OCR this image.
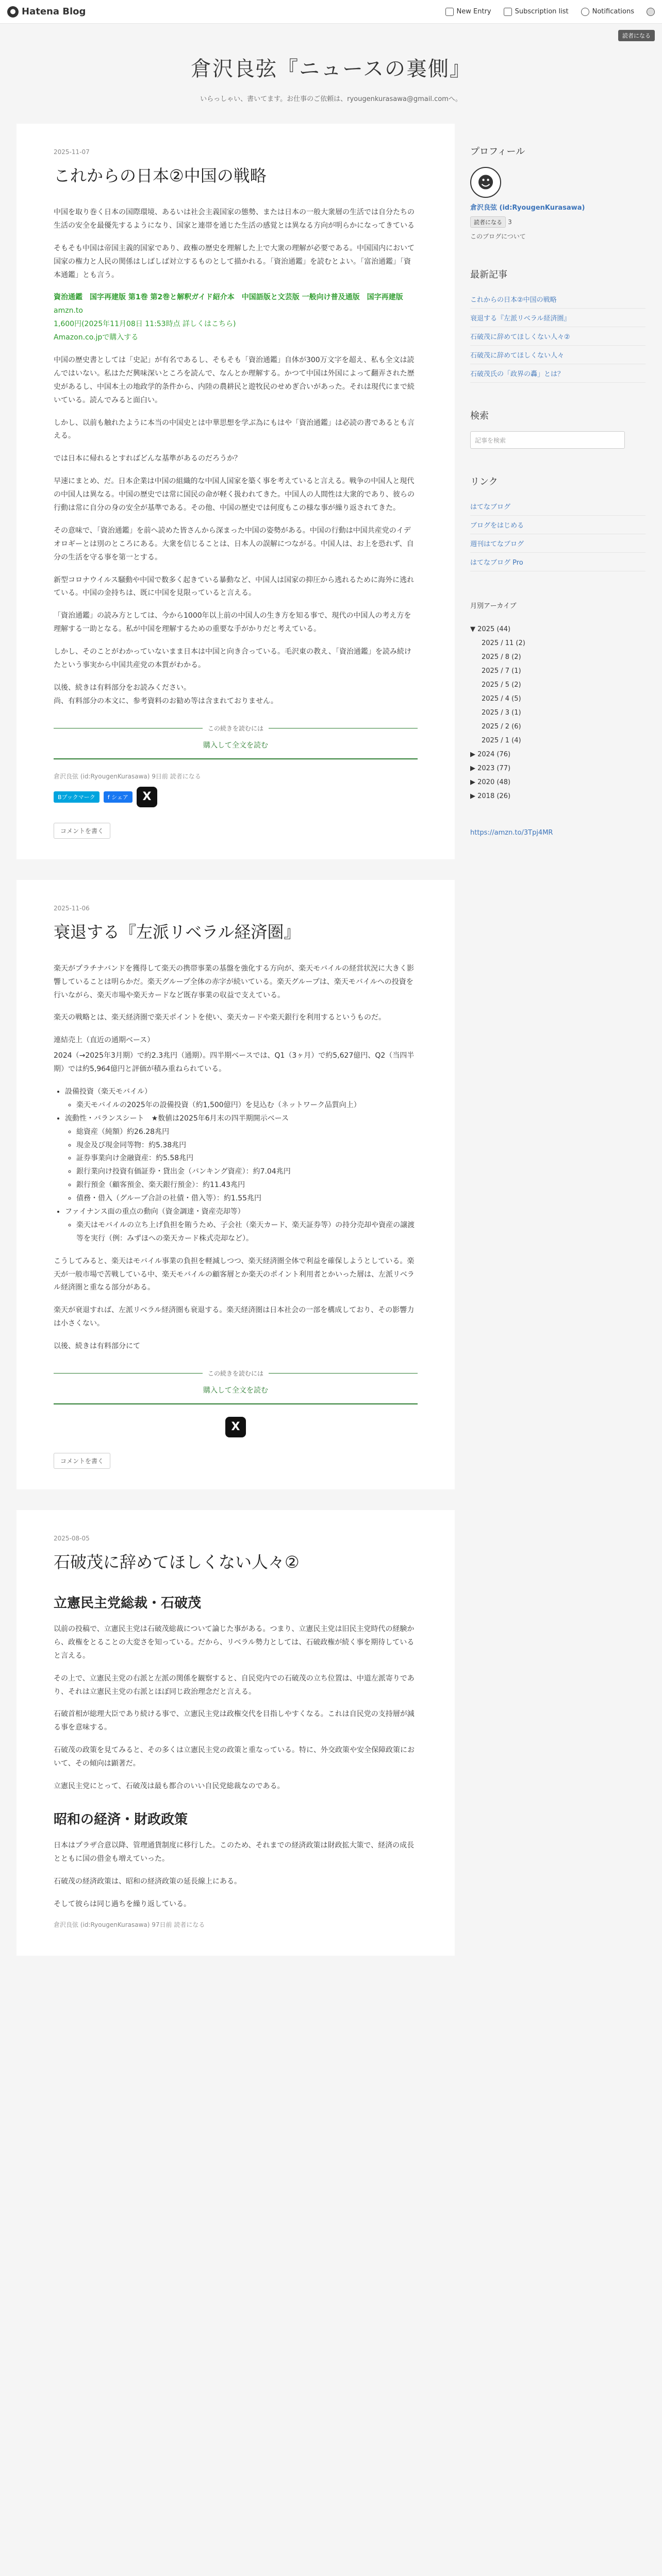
● Hatena Blog	New Entry	Subscription list	Notifications
読者になる
倉沢良弦『ニュースの裏側』
いらっしゃい、書いてます。お仕事のご依頼は、ryougenkurasawa@gmail.comへ。
2025-11-07
これからの日本②中国の戦略

中国を取り巻く日本の国際環境、あるいは社会主義国家の態勢、または日本の一般大衆層の生活では自分たちの生活の安全を最優先するようになり、国家と連帯を通じた生活の感覚とは異なる方向が明らかになってきている

そもそも中国は帝国主義的国家であり、政権の歴史を理解した上で大衆の理解が必要である。中国国内において国家の権力と人民の関係はしばしば対立するものとして描かれる。「資治通鑑」を読むとよい。「富治通鑑」「資本通鑑」とも言う。

資治通鑑　国字再建版 第1巻 第2巻と解釈ガイド紹介本　中国語版と文芸版 一般向け普及通版　国字再建版
amzn.to
1,600円(2025年11月08日 11:53時点 詳しくはこちら)
Amazon.co.jpで購入する

中国の歴史書としては「史記」が有名であるし、そもそも「資治通鑑」自体が300万文字を超え、私も全文は読んではいない。私はただ興味深いところを読んで、なんとか理解する。かつて中国は外国によって翻弄された歴史があるし、中国本土の地政学的条件から、内陸の農耕民と遊牧民のせめぎ合いがあった。それは現代にまで続いている。読んでみると面白い。

しかし、以前も触れたように本当の中国史とは中華思想を学ぶ為にもはや「資治通鑑」は必読の書であるとも言える。

では日本に帰れるとすればどんな基準があるのだろうか？

早速にまとめ、だ。日本企業は中国の組織的な中国人国家を築く事を考えていると言える。戦争の中国人と現代の中国人は異なる。中国の歴史では常に国民の命が軽く扱われてきた。中国人の人間性は大衆的であり、彼らの行動は常に自分の身の安全が基準である。その他、中国の歴史では何度もこの様な事が繰り返されてきた。

その意味で、「資治通鑑」を前へ読めた皆さんから深まった中国の姿勢がある。中国の行動は中国共産党のイデオロギーとは別のところにある。大衆を信じることは、日本人の誤解につながる。中国人は、お上を恐れず、自分の生活を守る事を第一とする。

新型コロナウイルス騒動や中国で数多く起きている暴動など、中国人は国家の抑圧から逃れるために海外に逃れている。中国の金持ちは、既に中国を見限っていると言える。

「資治通鑑」の読み方としては、今から1000年以上前の中国人の生き方を知る事で、現代の中国人の考え方を理解する一助となる。私が中国を理解するための重要な手がかりだと考えている。

しかし、そのことがわかっていないまま日本は中国と向き合っている。毛沢東の教え、「資治通鑑」を読み続けたという事実から中国共産党の本質がわかる。

以後、続きは有料部分をお読みください。

尚、有料部分の本文に、参考資料のお勧め等は含まれておりません。

この続きを読むには
購入して全文を読む
倉沢良弦 (id:RyougenKurasawa) 9日前 読者になる
Bブックマーク	f シェア	X
コメントを書く
2025-11-06
衰退する『左派リベラル経済圏』

楽天がプラチナバンドを獲得して楽天の携帯事業の基盤を強化する方向が、楽天モバイルの経営状況に大きく影響していることは明らかだ。楽天グループ全体の赤字が続いている。楽天グループは、楽天モバイルへの投資を行いながら、楽天市場や楽天カードなど既存事業の収益で支えている。

楽天の戦略とは、楽天経済圏で楽天ポイントを使い、楽天カードや楽天銀行を利用するというものだ。

連結売上（直近の通期ベース）

2024（→2025年3月期）で約2.3兆円（通期）。四半期ベースでは、Q1（3ヶ月）で約5,627億円、Q2（当四半期）では約5,964億円と評価が積み重ねられている。

• 設備投資（楽天モバイル）
◦ 楽天モバイルの2025年の設備投資（約1,500億円）を見込む（ネットワーク品質向上）
• 流動性・バランスシート　★数値は2025年6月末の四半期開示ベース
◦ 総資産（純額）約26.28兆円
◦ 現金及び現金同等物：約5.38兆円
◦ 証券事業向け金融資産：約5.58兆円
◦ 銀行業向け投資有価証券・貸出金（バンキング資産）：約7.04兆円
◦ 銀行預金（顧客預金、楽天銀行預金）：約11.43兆円
◦ 債務・借入（グループ合計の社債・借入等）：約1.55兆円
• ファイナンス面の重点の動向（資金調達・資産売却等）
◦ 楽天はモバイルの立ち上げ負担を賄うため、子会社（楽天カード、楽天証券等）の持分売却や資産の譲渡等を実行（例：みずほへの楽天カード株式売却など）。

こうしてみると、楽天はモバイル事業の負担を軽減しつつ、楽天経済圏全体で利益を確保しようとしている。楽天が一般市場で苦戦している中、楽天モバイルの顧客層とか楽天のポイント利用者とかいった層は、左派リベラル経済圏と重なる部分がある。

楽天が衰退すれば、左派リベラル経済圏も衰退する。楽天経済圏は日本社会の一部を構成しており、その影響力は小さくない。

以後、続きは有料部分にて

この続きを読むには
購入して全文を読む
X
コメントを書く
2025-08-05
石破茂に辞めてほしくない人々②
立憲民主党総裁・石破茂

以前の投稿で、立憲民主党は石破茂総裁について論じた事がある。つまり、立憲民主党は旧民主党時代の経験から、政権をとることの大変さを知っている。だから、リベラル勢力としては、石破政権が続く事を期待していると言える。

その上で、立憲民主党の右派と左派の関係を観察すると、自民党内での石破茂の立ち位置は、中道左派寄りであり、それは立憲民主党の右派とほぼ同じ政治理念だと言える。

石破首相が総理大臣であり続ける事で、立憲民主党は政権交代を目指しやすくなる。これは自民党の支持層が減る事を意味する。

石破茂の政策を見てみると、その多くは立憲民主党の政策と重なっている。特に、外交政策や安全保障政策において、その傾向は顕著だ。

立憲民主党にとって、石破茂は最も都合のいい自民党総裁なのである。

昭和の経済・財政政策

日本はプラザ合意以降、管理通貨制度に移行した。このため、それまでの経済政策は財政拡大策で、経済の成長とともに国の借金も増えていった。

石破茂の経済政策は、昭和の経済政策の延長線上にある。

そして彼らは同じ過ちを繰り返している。

倉沢良弦 (id:RyougenKurasawa) 97日前 読者になる
プロフィール
☻
倉沢良弦 (id:RyougenKurasawa)
読者になる 3
このブログについて
最新記事
これからの日本②中国の戦略
衰退する『左派リベラル経済圏』
石破茂に辞めてほしくない人々②
石破茂に辞めてほしくない人々
石破茂氏の「政界の轟」とは？
検索
記事を検索
リンク
はてなブログ
ブログをはじめる
週刊はてなブログ
はてなブログ Pro
月別アーカイブ
▼ 2025 (44)
2025 / 11 (2)
2025 / 8 (2)
2025 / 7 (1)
2025 / 5 (2)
2025 / 4 (5)
2025 / 3 (1)
2025 / 2 (6)
2025 / 1 (4)
▶ 2024 (76)
▶ 2023 (77)
▶ 2020 (48)
▶ 2018 (26)
https://amzn.to/3Tpj4MR
